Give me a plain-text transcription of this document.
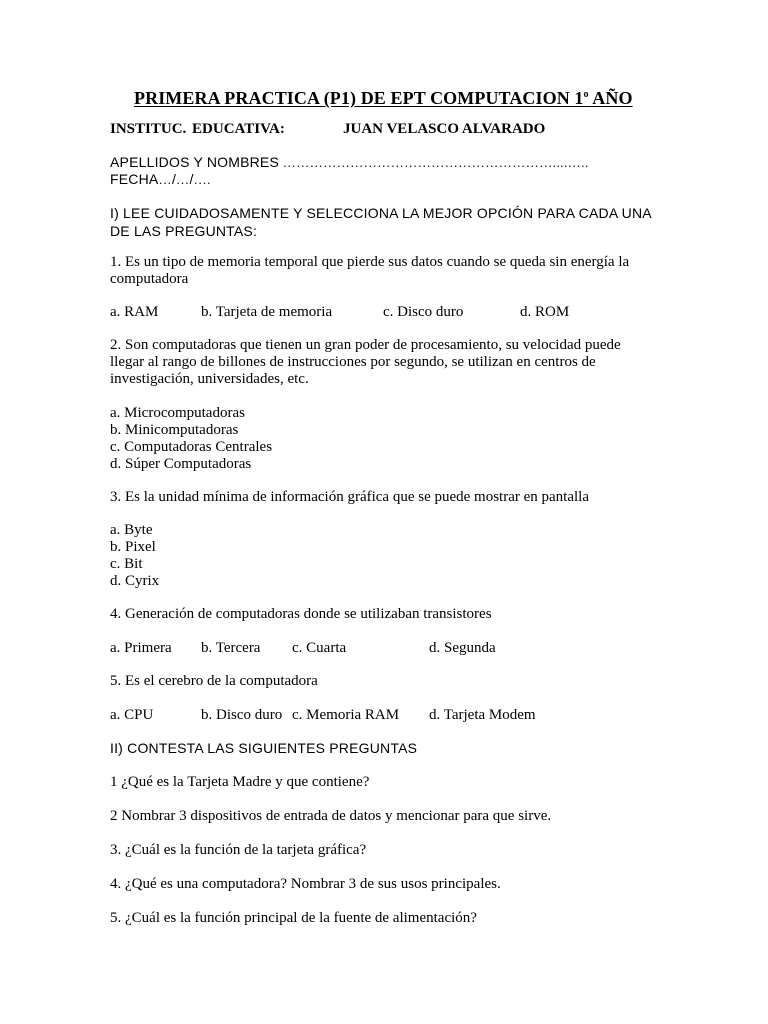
PRIMERA PRACTICA (P1) DE EPT COMPUTACION 1$^o$ AÑO
INSTITUC. EDUCATIVA:	JUAN VELASCO ALVARADO
APELLIDOS Y NOMBRES ……………………………………………………....…..
FECHA…/…/….
I) LEE CUIDADOSAMENTE Y SELECCIONA LA MEJOR OPCIÓN PARA CADA UNA DE LAS PREGUNTAS:
1. Es un tipo de memoria temporal que pierde sus datos cuando se queda sin energía la computadora
a. RAM	b. Tarjeta de memoria	c. Disco duro	d. ROM
2. Son computadoras que tienen un gran poder de procesamiento, su velocidad puede llegar al rango de billones de instrucciones por segundo, se utilizan en centros de investigación, universidades, etc.
a. Microcomputadoras
b. Minicomputadoras
c. Computadoras Centrales
d. Súper Computadoras
3. Es la unidad mínima de información gráfica que se puede mostrar en pantalla
a. Byte
b. Pixel
c. Bit
d. Cyrix
4. Generación de computadoras donde se utilizaban transistores
a. Primera b. Tercera c. Cuarta	d. Segunda
5. Es el cerebro de la computadora
a. CPU	b. Disco duro c. Memoria RAM d. Tarjeta Modem
II) CONTESTA LAS SIGUIENTES PREGUNTAS
1 ¿Qué es la Tarjeta Madre y que contiene?
2 Nombrar 3 dispositivos de entrada de datos y mencionar para que sirve.
3. ¿Cuál es la función de la tarjeta gráfica?
4. ¿Qué es una computadora? Nombrar 3 de sus usos principales.
5. ¿Cuál es la función principal de la fuente de alimentación?
